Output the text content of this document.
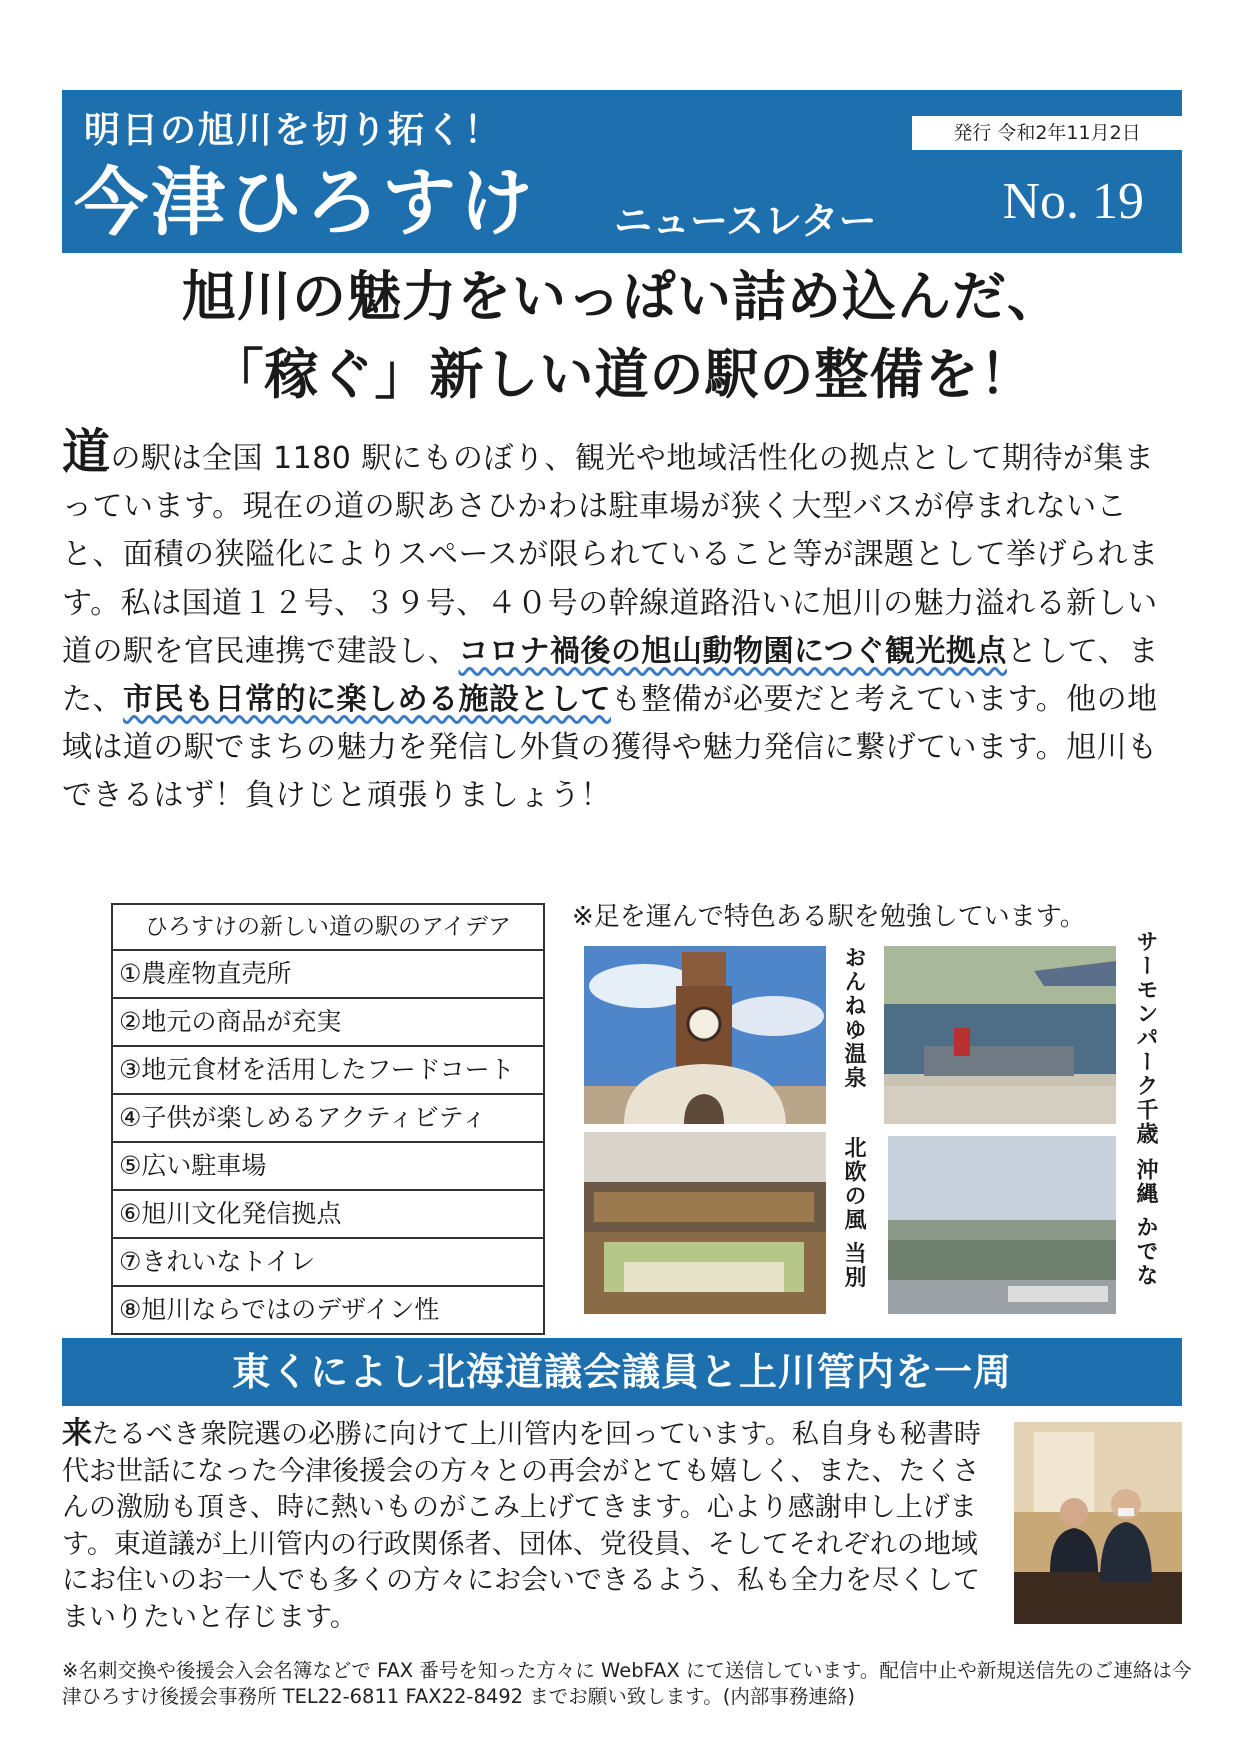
明日の旭川を切り拓く！	発行 令和2年11月2日
今津ひろすけ ニュースレター No. 19
旭川の魅力をいっぱい詰め込んだ、
「稼ぐ」新しい道の駅の整備を！
道の駅は全国 1180 駅にものぼり、観光や地域活性化の拠点として期待が集まっています。現在の道の駅あさひかわは駐車場が狭く大型バスが停まれないこと、面積の狭隘化によりスペースが限られていること等が課題として挙げられます。私は国道１２号、３９号、４０号の幹線道路沿いに旭川の魅力溢れる新しい道の駅を官民連携で建設し、コロナ禍後の旭山動物園につぐ観光拠点として、また、市民も日常的に楽しめる施設としても整備が必要だと考えています。他の地域は道の駅でまちの魅力を発信し外貨の獲得や魅力発信に繋げています。旭川もできるはず！負けじと頑張りましょう！
ひろすけの新しい道の駅のアイデア
①農産物直売所
②地元の商品が充実
③地元食材を活用したフードコート
④子供が楽しめるアクティビティ
⑤広い駐車場
⑥旭川文化発信拠点
⑦きれいなトイレ
⑧旭川ならではのデザイン性
※足を運んで特色ある駅を勉強しています。
おんねゆ温泉	サーモンパーク千歳
北欧の風 当別	沖縄 かでな
東くによし北海道議会議員と上川管内を一周
来たるべき衆院選の必勝に向けて上川管内を回っています。私自身も秘書時代お世話になった今津後援会の方々との再会がとても嬉しく、また、たくさんの激励も頂き、時に熱いものがこみ上げてきます。心より感謝申し上げます。東道議が上川管内の行政関係者、団体、党役員、そしてそれぞれの地域にお住いのお一人でも多くの方々にお会いできるよう、私も全力を尽くしてまいりたいと存じます。
※名刺交換や後援会入会名簿などで FAX 番号を知った方々に WebFAX にて送信しています。配信中止や新規送信先のご連絡は今津ひろすけ後援会事務所 TEL22-6811 FAX22-8492 までお願い致します。(内部事務連絡)
